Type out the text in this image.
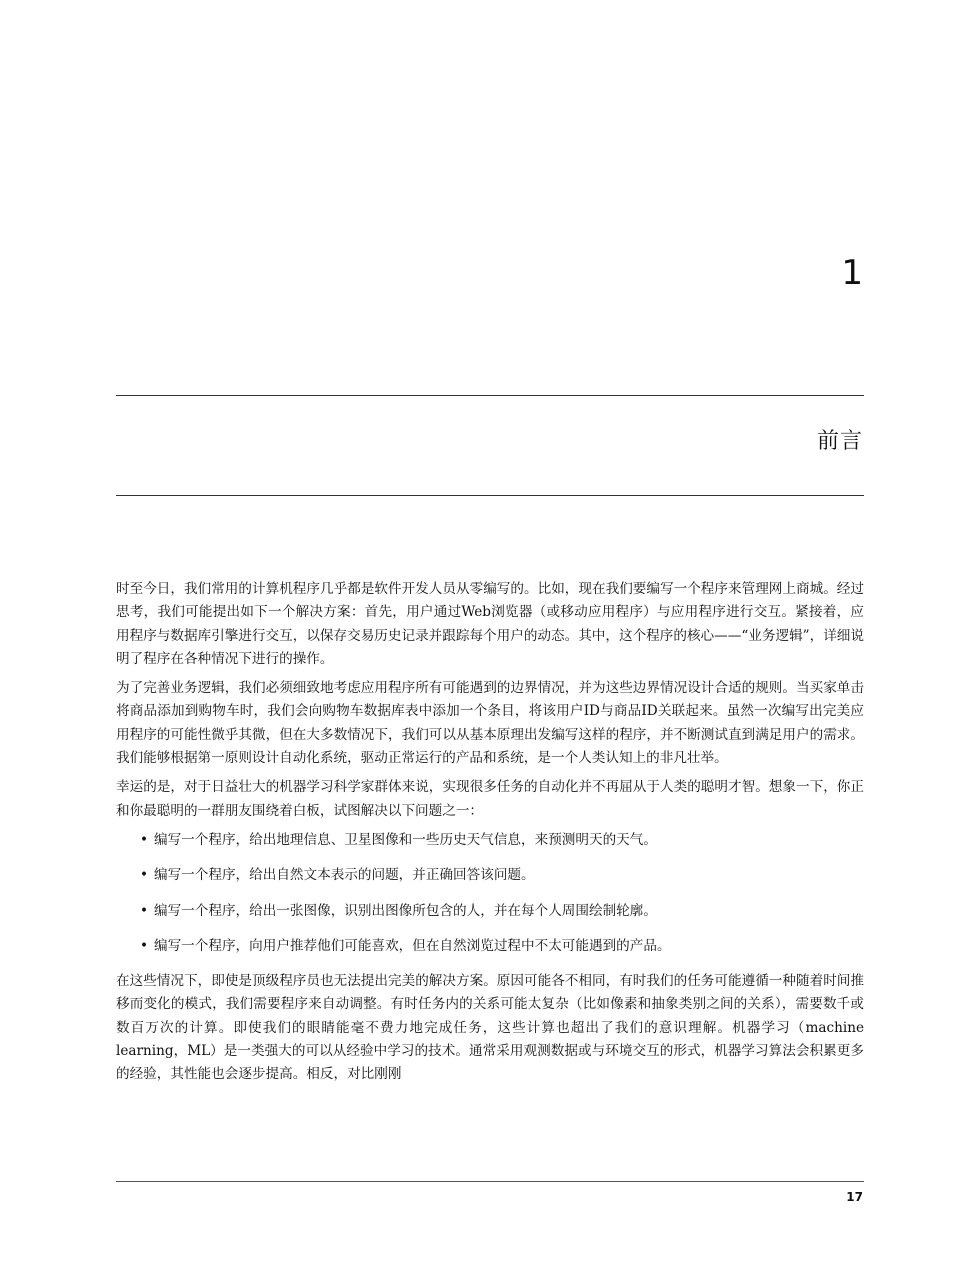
1
前言

时至今日，我们常用的计算机程序几乎都是软件开发人员从零编写的。比如，现在我们要编写一个程序来管理网上商城。经过思考，我们可能提出如下一个解决方案：首先，用户通过Web浏览器（或移动应用程序）与应用程序进行交互。紧接着，应用程序与数据库引擎进行交互，以保存交易历史记录并跟踪每个用户的动态。其中，这个程序的核心——“业务逻辑”，详细说明了程序在各种情况下进行的操作。

为了完善业务逻辑，我们必须细致地考虑应用程序所有可能遇到的边界情况，并为这些边界情况设计合适的规则。当买家单击将商品添加到购物车时，我们会向购物车数据库表中添加一个条目，将该用户ID与商品ID关联起来。虽然一次编写出完美应用程序的可能性微乎其微，但在大多数情况下，我们可以从基本原理出发编写这样的程序，并不断测试直到满足用户的需求。我们能够根据第一原则设计自动化系统，驱动正常运行的产品和系统，是一个人类认知上的非凡壮举。

幸运的是，对于日益壮大的机器学习科学家群体来说，实现很多任务的自动化并不再屈从于人类的聪明才智。想象一下，你正和你最聪明的一群朋友围绕着白板，试图解决以下问题之一：

• 编写一个程序，给出地理信息、卫星图像和一些历史天气信息，来预测明天的天气。
• 编写一个程序，给出自然文本表示的问题，并正确回答该问题。
• 编写一个程序，给出一张图像，识别出图像所包含的人，并在每个人周围绘制轮廓。
• 编写一个程序，向用户推荐他们可能喜欢，但在自然浏览过程中不太可能遇到的产品。

在这些情况下，即使是顶级程序员也无法提出完美的解决方案。原因可能各不相同，有时我们的任务可能遵循一种随着时间推移而变化的模式，我们需要程序来自动调整。有时任务内的关系可能太复杂（比如像素和抽象类别之间的关系），需要数千或数百万次的计算。即使我们的眼睛能毫不费力地完成任务，这些计算也超出了我们的意识理解。机器学习（machine learning，ML）是一类强大的可以从经验中学习的技术。通常采用观测数据或与环境交互的形式，机器学习算法会积累更多的经验，其性能也会逐步提高。相反，对比刚刚

17
